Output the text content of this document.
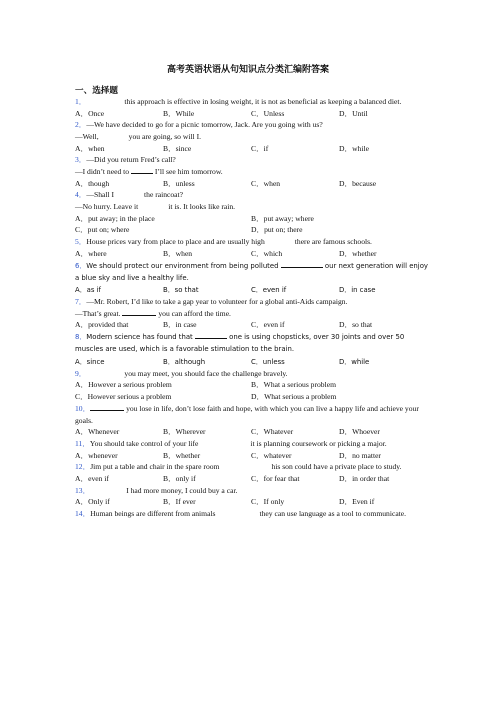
高考英语状语从句知识点分类汇编附答案
一、选择题
1．	this approach is effective in losing weight, it is not as beneficial as keeping a balanced diet.
A．Once	B．While	C．Unless	D．Until
2．—We have decided to go for a picnic tomorrow, Jack. Are you going with us?
—Well,	you are going, so will I.
A．when	B．since	C．if	D．while
3．—Did you return Fred’s call?
—I didn’t need to	I’ll see him tomorrow.
A．though	B．unless	C．when	D．because
4．—Shall I	the raincoat?
—No hurry. Leave it	it is. It looks like rain.
A．put away; in the place	B．put away; where
C．put on; where	D．put on; there
5．House prices vary from place to place and are usually high	there are famous schools.
A．where	B．when	C．which	D．whether
6．We should protect our environment from being polluted	our next generation will enjoy a blue sky and live a healthy life.
A．as if	B．so that	C．even if	D．in case
7．—Mr. Robert, I’d like to take a gap year to volunteer for a global anti-Aids campaign.
—That’s great.	you can afford the time.
A．provided that	B．in case	C．even if	D．so that
8．Modern science has found that	one is using chopsticks, over 30 joints and over 50 muscles are used, which is a favorable stimulation to the brain.
A．since	B．although	C．unless	D．while
9．	you may meet, you should face the challenge bravely.
A．However a serious problem	B．What a serious problem
C．However serious a problem	D．What serious a problem
10．	you lose in life, don’t lose faith and hope, with which you can live a happy life and achieve your goals.
A．Whenever	B．Wherever	C．Whatever	D．Whoever
11．You should take control of your life	it is planning coursework or picking a major.
A．whenever	B．whether	C．whatever	D．no matter
12．Jim put a table and chair in the spare room	his son could have a private place to study.
A．even if	B．only if	C．for fear that	D．in order that
13．	I had more money, I could buy a car.
A．Only if	B．If ever	C．If only	D．Even if
14．Human beings are different from animals	they can use language as a tool to communicate.
